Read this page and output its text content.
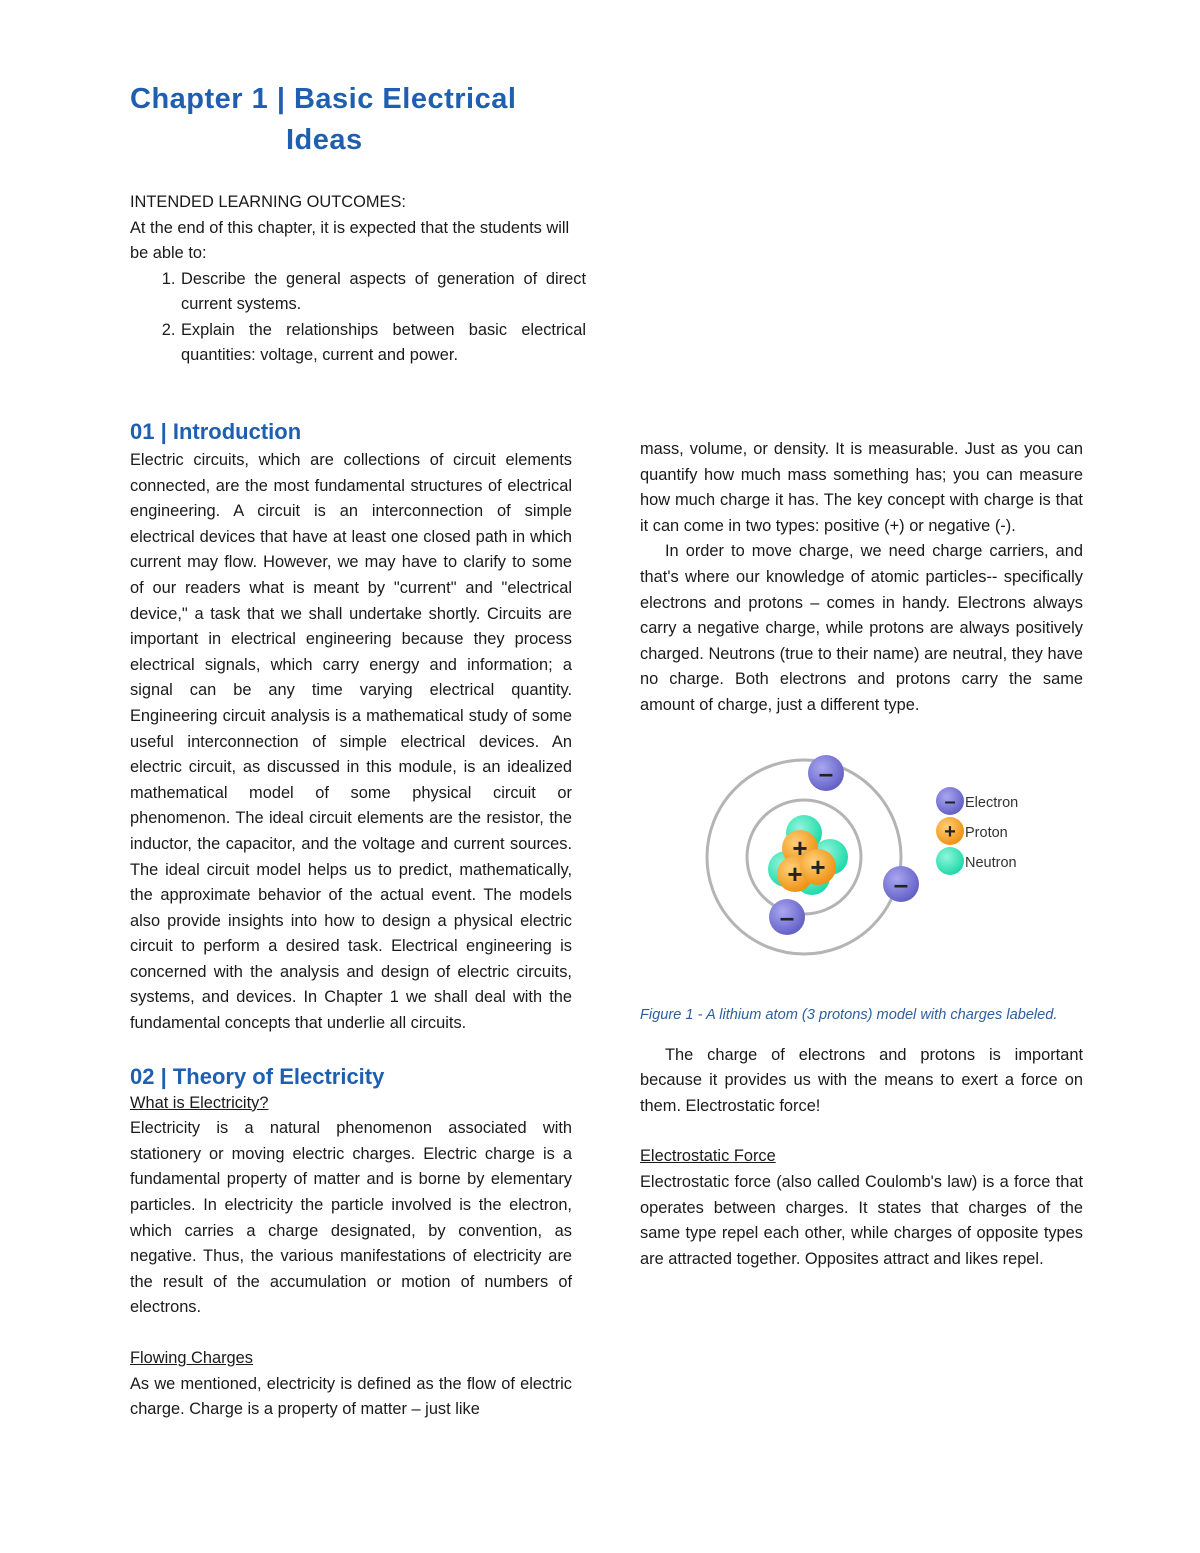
Chapter 1 | Basic Electrical
Ideas
INTENDED LEARNING OUTCOMES:
At the end of this chapter, it is expected that the students will be able to:
1. Describe the general aspects of generation of direct current systems.
2. Explain the relationships between basic electrical quantities: voltage, current and power.
01 | Introduction

Electric circuits, which are collections of circuit elements connected, are the most fundamental structures of electrical engineering. A circuit is an interconnection of simple electrical devices that have at least one closed path in which current may flow. However, we may have to clarify to some of our readers what is meant by "current" and "electrical device," a task that we shall undertake shortly. Circuits are important in electrical engineering because they process electrical signals, which carry energy and information; a signal can be any time varying electrical quantity. Engineering circuit analysis is a mathematical study of some useful interconnection of simple electrical devices. An electric circuit, as discussed in this module, is an idealized mathematical model of some physical circuit or phenomenon. The ideal circuit elements are the resistor, the inductor, the capacitor, and the voltage and current sources. The ideal circuit model helps us to predict, mathematically, the approximate behavior of the actual event. The models also provide insights into how to design a physical electric circuit to perform a desired task. Electrical engineering is concerned with the analysis and design of electric circuits, systems, and devices. In Chapter 1 we shall deal with the fundamental concepts that underlie all circuits.

02 | Theory of Electricity

What is Electricity?

Electricity is a natural phenomenon associated with stationery or moving electric charges. Electric charge is a fundamental property of matter and is borne by elementary particles. In electricity the particle involved is the electron, which carries a charge designated, by convention, as negative. Thus, the various manifestations of electricity are the result of the accumulation or motion of numbers of electrons.

Flowing Charges

As we mentioned, electricity is defined as the flow of electric charge. Charge is a property of matter – just like

mass, volume, or density. It is measurable. Just as you can quantify how much mass something has; you can measure how much charge it has. The key concept with charge is that it can come in two types: positive (+) or negative (-).

In order to move charge, we need charge carriers, and that's where our knowledge of atomic particles-- specifically electrons and protons – comes in handy. Electrons always carry a negative charge, while protons are always positively charged. Neutrons (true to their name) are neutral, they have no charge. Both electrons and protons carry the same amount of charge, just a different type.

+
+ +
–
–
–
– Electron
+ Proton
Neutron
Figure 1 - A lithium atom (3 protons) model with charges labeled.

The charge of electrons and protons is important because it provides us with the means to exert a force on them. Electrostatic force!

Electrostatic Force

Electrostatic force (also called Coulomb's law) is a force that operates between charges. It states that charges of the same type repel each other, while charges of opposite types are attracted together. Opposites attract and likes repel.
